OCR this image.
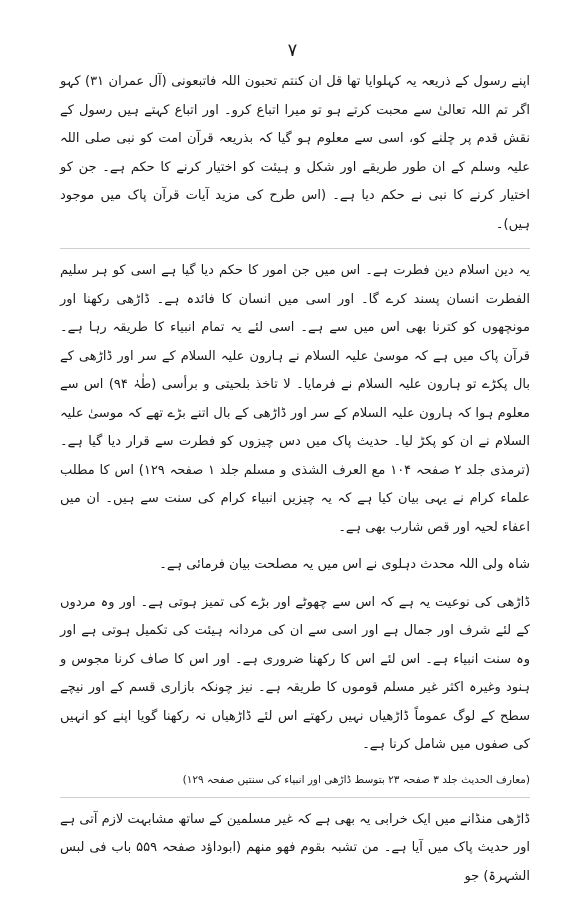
۷

اپنے رسول کے ذریعہ یہ کہلوایا تھا قل ان کنتم تحبون اللہ فاتبعونی (آل عمران ۳۱) کہو اگر تم اللہ تعالیٰ سے محبت کرتے ہو تو میرا اتباع کرو۔ اور اتباع کہتے ہیں رسول کے نقش قدم پر چلنے کو، اسی سے معلوم ہو گیا کہ بذریعہ قرآن امت کو نبی صلی اللہ علیہ وسلم کے ان طور طریقے اور شکل و ہیئت کو اختیار کرنے کا حکم ہے۔ جن کو اختیار کرنے کا نبی نے حکم دیا ہے۔ (اس طرح کی مزید آیات قرآن پاک میں موجود ہیں)۔

یہ دین اسلام دین فطرت ہے۔ اس میں جن امور کا حکم دیا گیا ہے اسی کو ہر سلیم الفطرت انسان پسند کرے گا۔ اور اسی میں انسان کا فائدہ ہے۔ ڈاڑھی رکھنا اور مونچھوں کو کترنا بھی اس میں سے ہے۔ اسی لئے یہ تمام انبیاء کا طریقہ رہا ہے۔ قرآن پاک میں ہے کہ موسیٰ علیہ السلام نے ہارون علیہ السلام کے سر اور ڈاڑھی کے بال پکڑے تو ہارون علیہ السلام نے فرمایا۔ لا تاخذ بلحیتی و برأسی (طٰہٰ ۹۴) اس سے معلوم ہوا کہ ہارون علیہ السلام کے سر اور ڈاڑھی کے بال اتنے بڑے تھے کہ موسیٰ علیہ السلام نے ان کو پکڑ لیا۔ حدیث پاک میں دس چیزوں کو فطرت سے قرار دیا گیا ہے۔ (ترمذی جلد ۲ صفحہ ۱۰۴ مع العرف الشذی و مسلم جلد ۱ صفحہ ۱۲۹) اس کا مطلب علماء کرام نے یہی بیان کیا ہے کہ یہ چیزیں انبیاء کرام کی سنت سے ہیں۔ ان میں اعفاء لحیہ اور قص شارب بھی ہے۔

شاہ ولی اللہ محدث دہلوی نے اس میں یہ مصلحت بیان فرمائی ہے۔

ڈاڑھی کی نوعیت یہ ہے کہ اس سے چھوٹے اور بڑے کی تمیز ہوتی ہے۔ اور وہ مردوں کے لئے شرف اور جمال ہے اور اسی سے ان کی مردانہ ہیئت کی تکمیل ہوتی ہے اور وہ سنت انبیاء ہے۔ اس لئے اس کا رکھنا ضروری ہے۔ اور اس کا صاف کرنا مجوس و ہنود وغیرہ اکثر غیر مسلم قوموں کا طریقہ ہے۔ نیز چونکہ بازاری قسم کے اور نیچے سطح کے لوگ عموماً ڈاڑھیاں نہیں رکھتے اس لئے ڈاڑھیاں نہ رکھنا گویا اپنے کو انہیں کی صفوں میں شامل کرنا ہے۔

(معارف الحدیث جلد ۳ صفحہ ۲۳ بتوسط ڈاڑھی اور انبیاء کی سنتیں صفحہ ۱۲۹)

ڈاڑھی منڈانے میں ایک خرابی یہ بھی ہے کہ غیر مسلمین کے ساتھ مشابہت لازم آتی ہے اور حدیث پاک میں آیا ہے۔ من تشبہ بقوم فھو منھم (ابوداؤد صفحہ ۵۵۹ باب فی لبس الشہرۃ) جو
